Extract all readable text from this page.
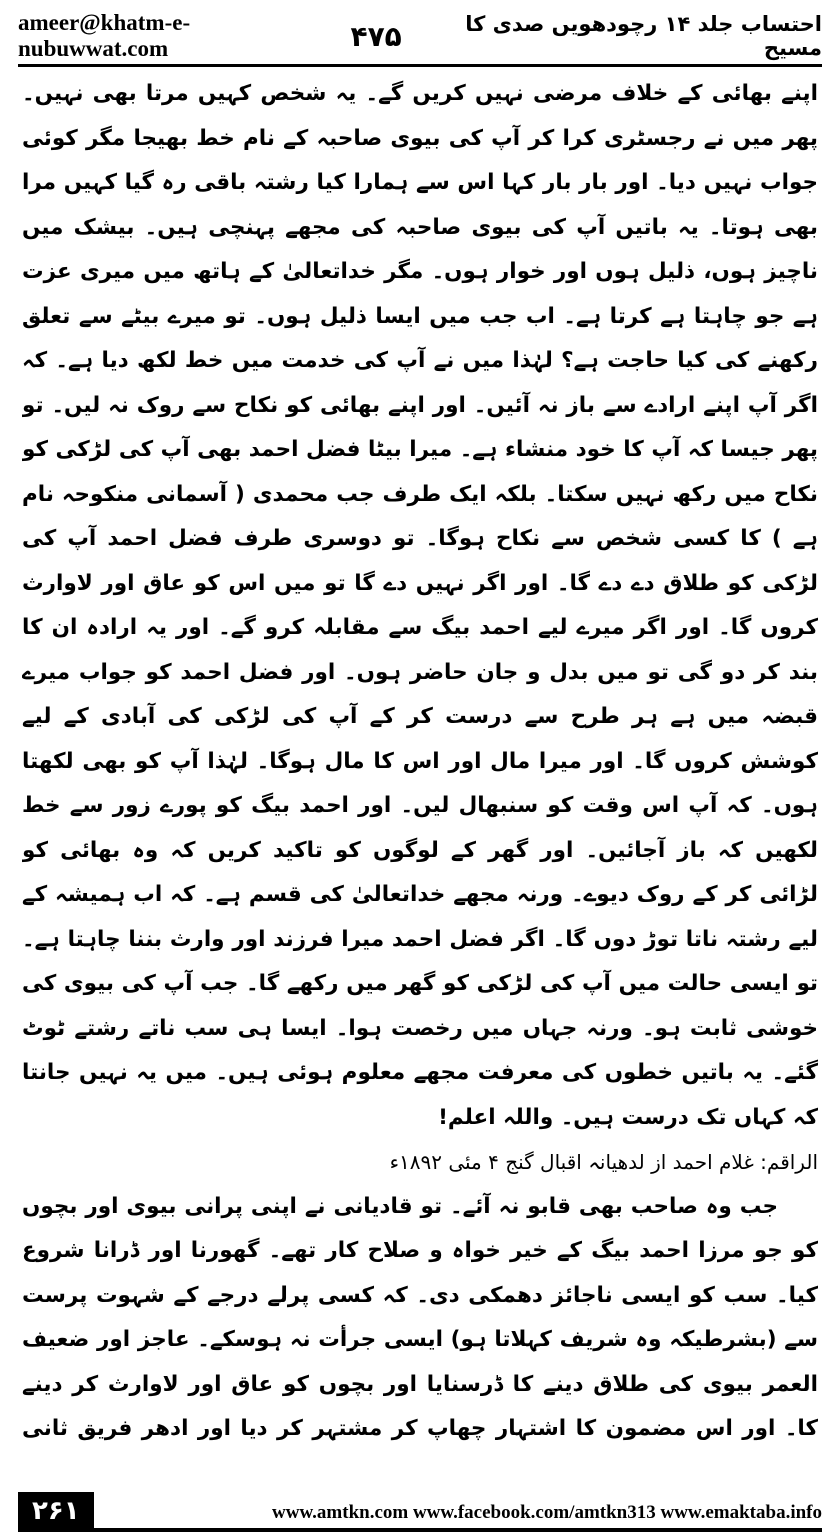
ameer@khatm-e-nubuwwat.com	۴۷۵	احتساب جلد ۱۴ رچودھویں صدی کا مسیح

اپنے بھائی کے خلاف مرضی نہیں کریں گے۔ یہ شخص کہیں مرتا بھی نہیں۔ پھر میں نے رجسٹری کرا کر آپ کی بیوی صاحبہ کے نام خط بھیجا مگر کوئی جواب نہیں دیا۔ اور بار بار کہا اس سے ہمارا کیا رشتہ باقی رہ گیا کہیں مرا بھی ہوتا۔ یہ باتیں آپ کی بیوی صاحبہ کی مجھے پہنچی ہیں۔ بیشک میں ناچیز ہوں، ذلیل ہوں اور خوار ہوں۔ مگر خداتعالیٰ کے ہاتھ میں میری عزت ہے جو چاہتا ہے کرتا ہے۔ اب جب میں ایسا ذلیل ہوں۔ تو میرے بیٹے سے تعلق رکھنے کی کیا حاجت ہے؟ لہٰذا میں نے آپ کی خدمت میں خط لکھ دیا ہے۔ کہ اگر آپ اپنے ارادے سے باز نہ آئیں۔ اور اپنے بھائی کو نکاح سے روک نہ لیں۔ تو پھر جیسا کہ آپ کا خود منشاء ہے۔ میرا بیٹا فضل احمد بھی آپ کی لڑکی کو نکاح میں رکھ نہیں سکتا۔ بلکہ ایک طرف جب محمدی ( آسمانی منکوحہ نام ہے ) کا کسی شخص سے نکاح ہوگا۔ تو دوسری طرف فضل احمد آپ کی لڑکی کو طلاق دے دے گا۔ اور اگر نہیں دے گا تو میں اس کو عاق اور لاوارث کروں گا۔ اور اگر میرے لیے احمد بیگ سے مقابلہ کرو گے۔ اور یہ ارادہ ان کا بند کر دو گی تو میں بدل و جان حاضر ہوں۔ اور فضل احمد کو جواب میرے قبضہ میں ہے ہر طرح سے درست کر کے آپ کی لڑکی کی آبادی کے لیے کوشش کروں گا۔ اور میرا مال اور اس کا مال ہوگا۔ لہٰذا آپ کو بھی لکھتا ہوں۔ کہ آپ اس وقت کو سنبھال لیں۔ اور احمد بیگ کو پورے زور سے خط لکھیں کہ باز آجائیں۔ اور گھر کے لوگوں کو تاکید کریں کہ وہ بھائی کو لڑائی کر کے روک دیوے۔ ورنہ مجھے خداتعالیٰ کی قسم ہے۔ کہ اب ہمیشہ کے لیے رشتہ ناتا توڑ دوں گا۔ اگر فضل احمد میرا فرزند اور وارث بننا چاہتا ہے۔ تو ایسی حالت میں آپ کی لڑکی کو گھر میں رکھے گا۔ جب آپ کی بیوی کی خوشی ثابت ہو۔ ورنہ جہاں میں رخصت ہوا۔ ایسا ہی سب ناتے رشتے ٹوٹ گئے۔ یہ باتیں خطوں کی معرفت مجھے معلوم ہوئی ہیں۔ میں یہ نہیں جانتا کہ کہاں تک درست ہیں۔ واللہ اعلم!

الراقم: غلام احمد از لدھیانہ اقبال گنج ۴ مئی ۱۸۹۲ء

جب وہ صاحب بھی قابو نہ آئے۔ تو قادیانی نے اپنی پرانی بیوی اور بچوں کو جو مرزا احمد بیگ کے خیر خواہ و صلاح کار تھے۔ گھورنا اور ڈرانا شروع کیا۔ سب کو ایسی ناجائز دھمکی دی۔ کہ کسی پرلے درجے کے شہوت پرست سے (بشرطیکہ وہ شریف کہلاتا ہو) ایسی جرأت نہ ہوسکے۔ عاجز اور ضعیف العمر بیوی کی طلاق دینے کا ڈرسنایا اور بچوں کو عاق اور لاوارث کر دینے کا۔ اور اس مضمون کا اشتہار چھاپ کر مشتہر کر دیا اور ادھر فریق ثانی

۲۶۱	www.amtkn.com www.facebook.com/amtkn313 www.emaktaba.info
